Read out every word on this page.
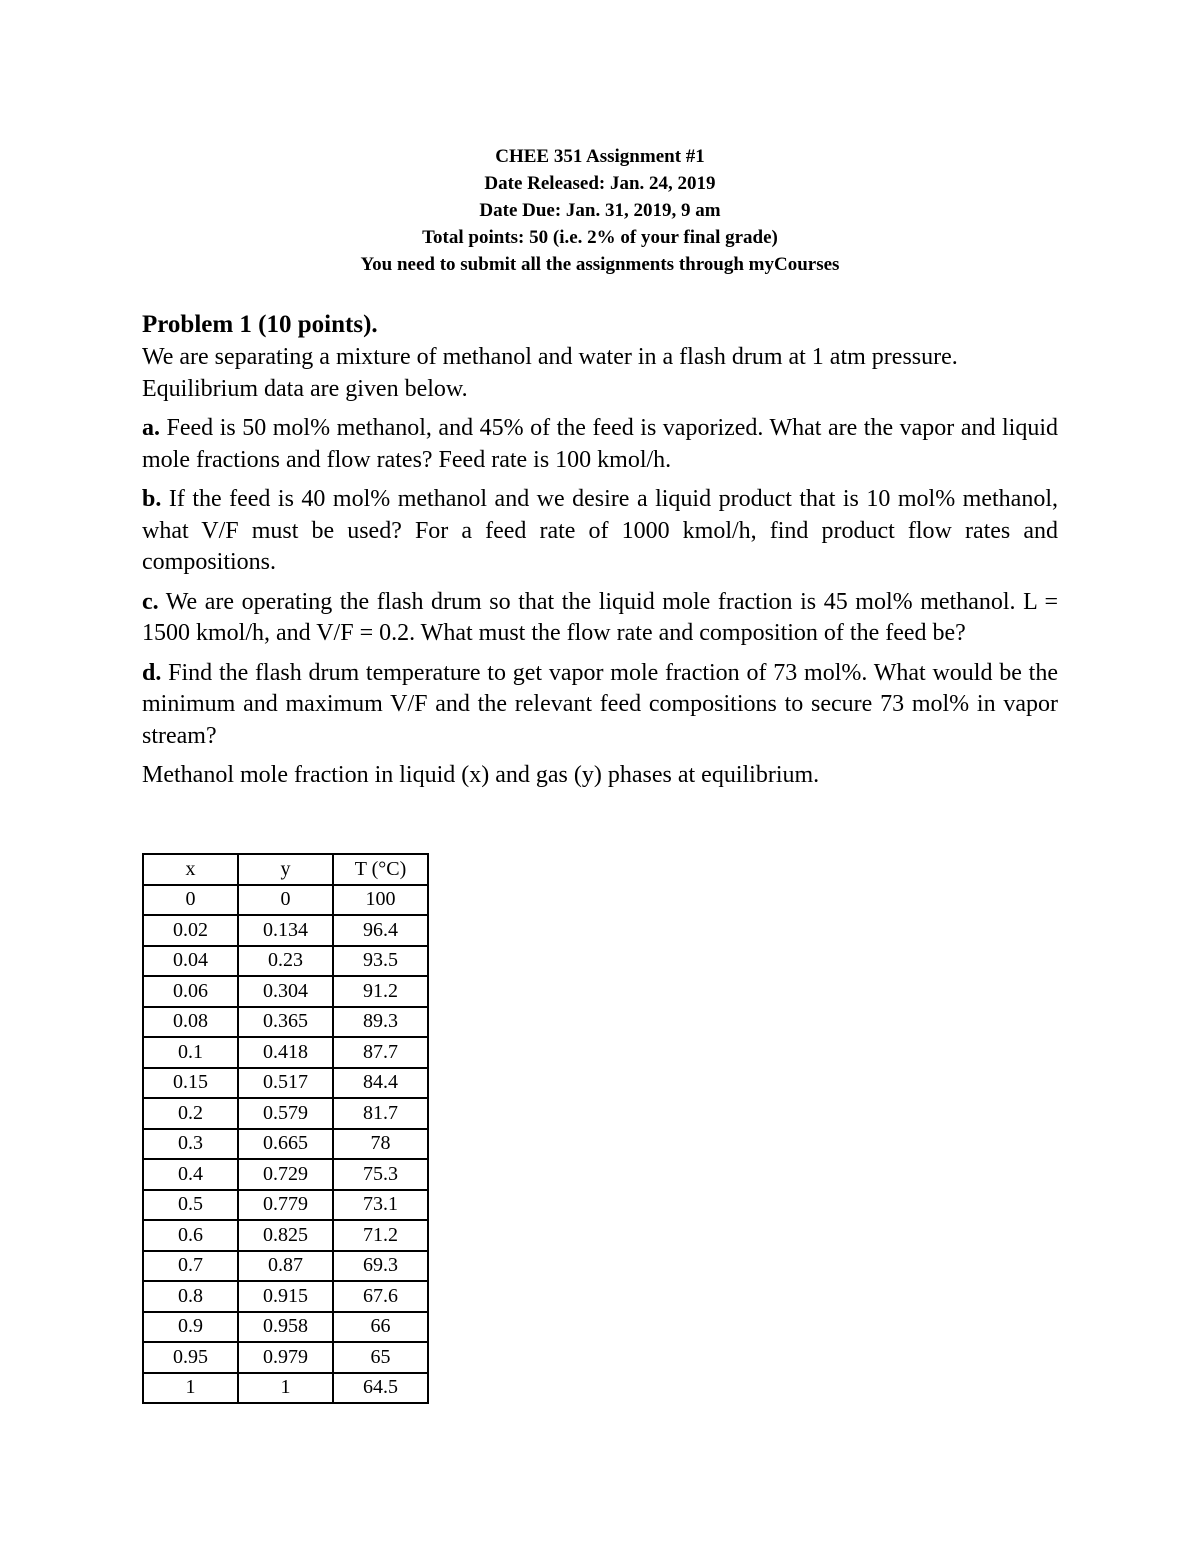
CHEE 351 Assignment #1
Date Released: Jan. 24, 2019
Date Due: Jan. 31, 2019, 9 am
Total points: 50 (i.e. 2% of your final grade)
You need to submit all the assignments through myCourses
Problem 1 (10 points).

We are separating a mixture of methanol and water in a flash drum at 1 atm pressure. Equilibrium data are given below.

a. Feed is 50 mol% methanol, and 45% of the feed is vaporized. What are the vapor and liquid mole fractions and flow rates? Feed rate is 100 kmol/h.

b. If the feed is 40 mol% methanol and we desire a liquid product that is 10 mol% methanol, what V/F must be used? For a feed rate of 1000 kmol/h, find product flow rates and compositions.

c. We are operating the flash drum so that the liquid mole fraction is 45 mol% methanol. L = 1500 kmol/h, and V/F = 0.2. What must the flow rate and composition of the feed be?

d. Find the flash drum temperature to get vapor mole fraction of 73 mol%. What would be the minimum and maximum V/F and the relevant feed compositions to secure 73 mol% in vapor stream?

Methanol mole fraction in liquid (x) and gas (y) phases at equilibrium.

x	y	T (°C)
0	0	100
0.02	0.134	96.4
0.04	0.23	93.5
0.06	0.304	91.2
0.08	0.365	89.3
0.1	0.418	87.7
0.15	0.517	84.4
0.2	0.579	81.7
0.3	0.665	78
0.4	0.729	75.3
0.5	0.779	73.1
0.6	0.825	71.2
0.7	0.87	69.3
0.8	0.915	67.6
0.9	0.958	66
0.95	0.979	65
1	1	64.5
